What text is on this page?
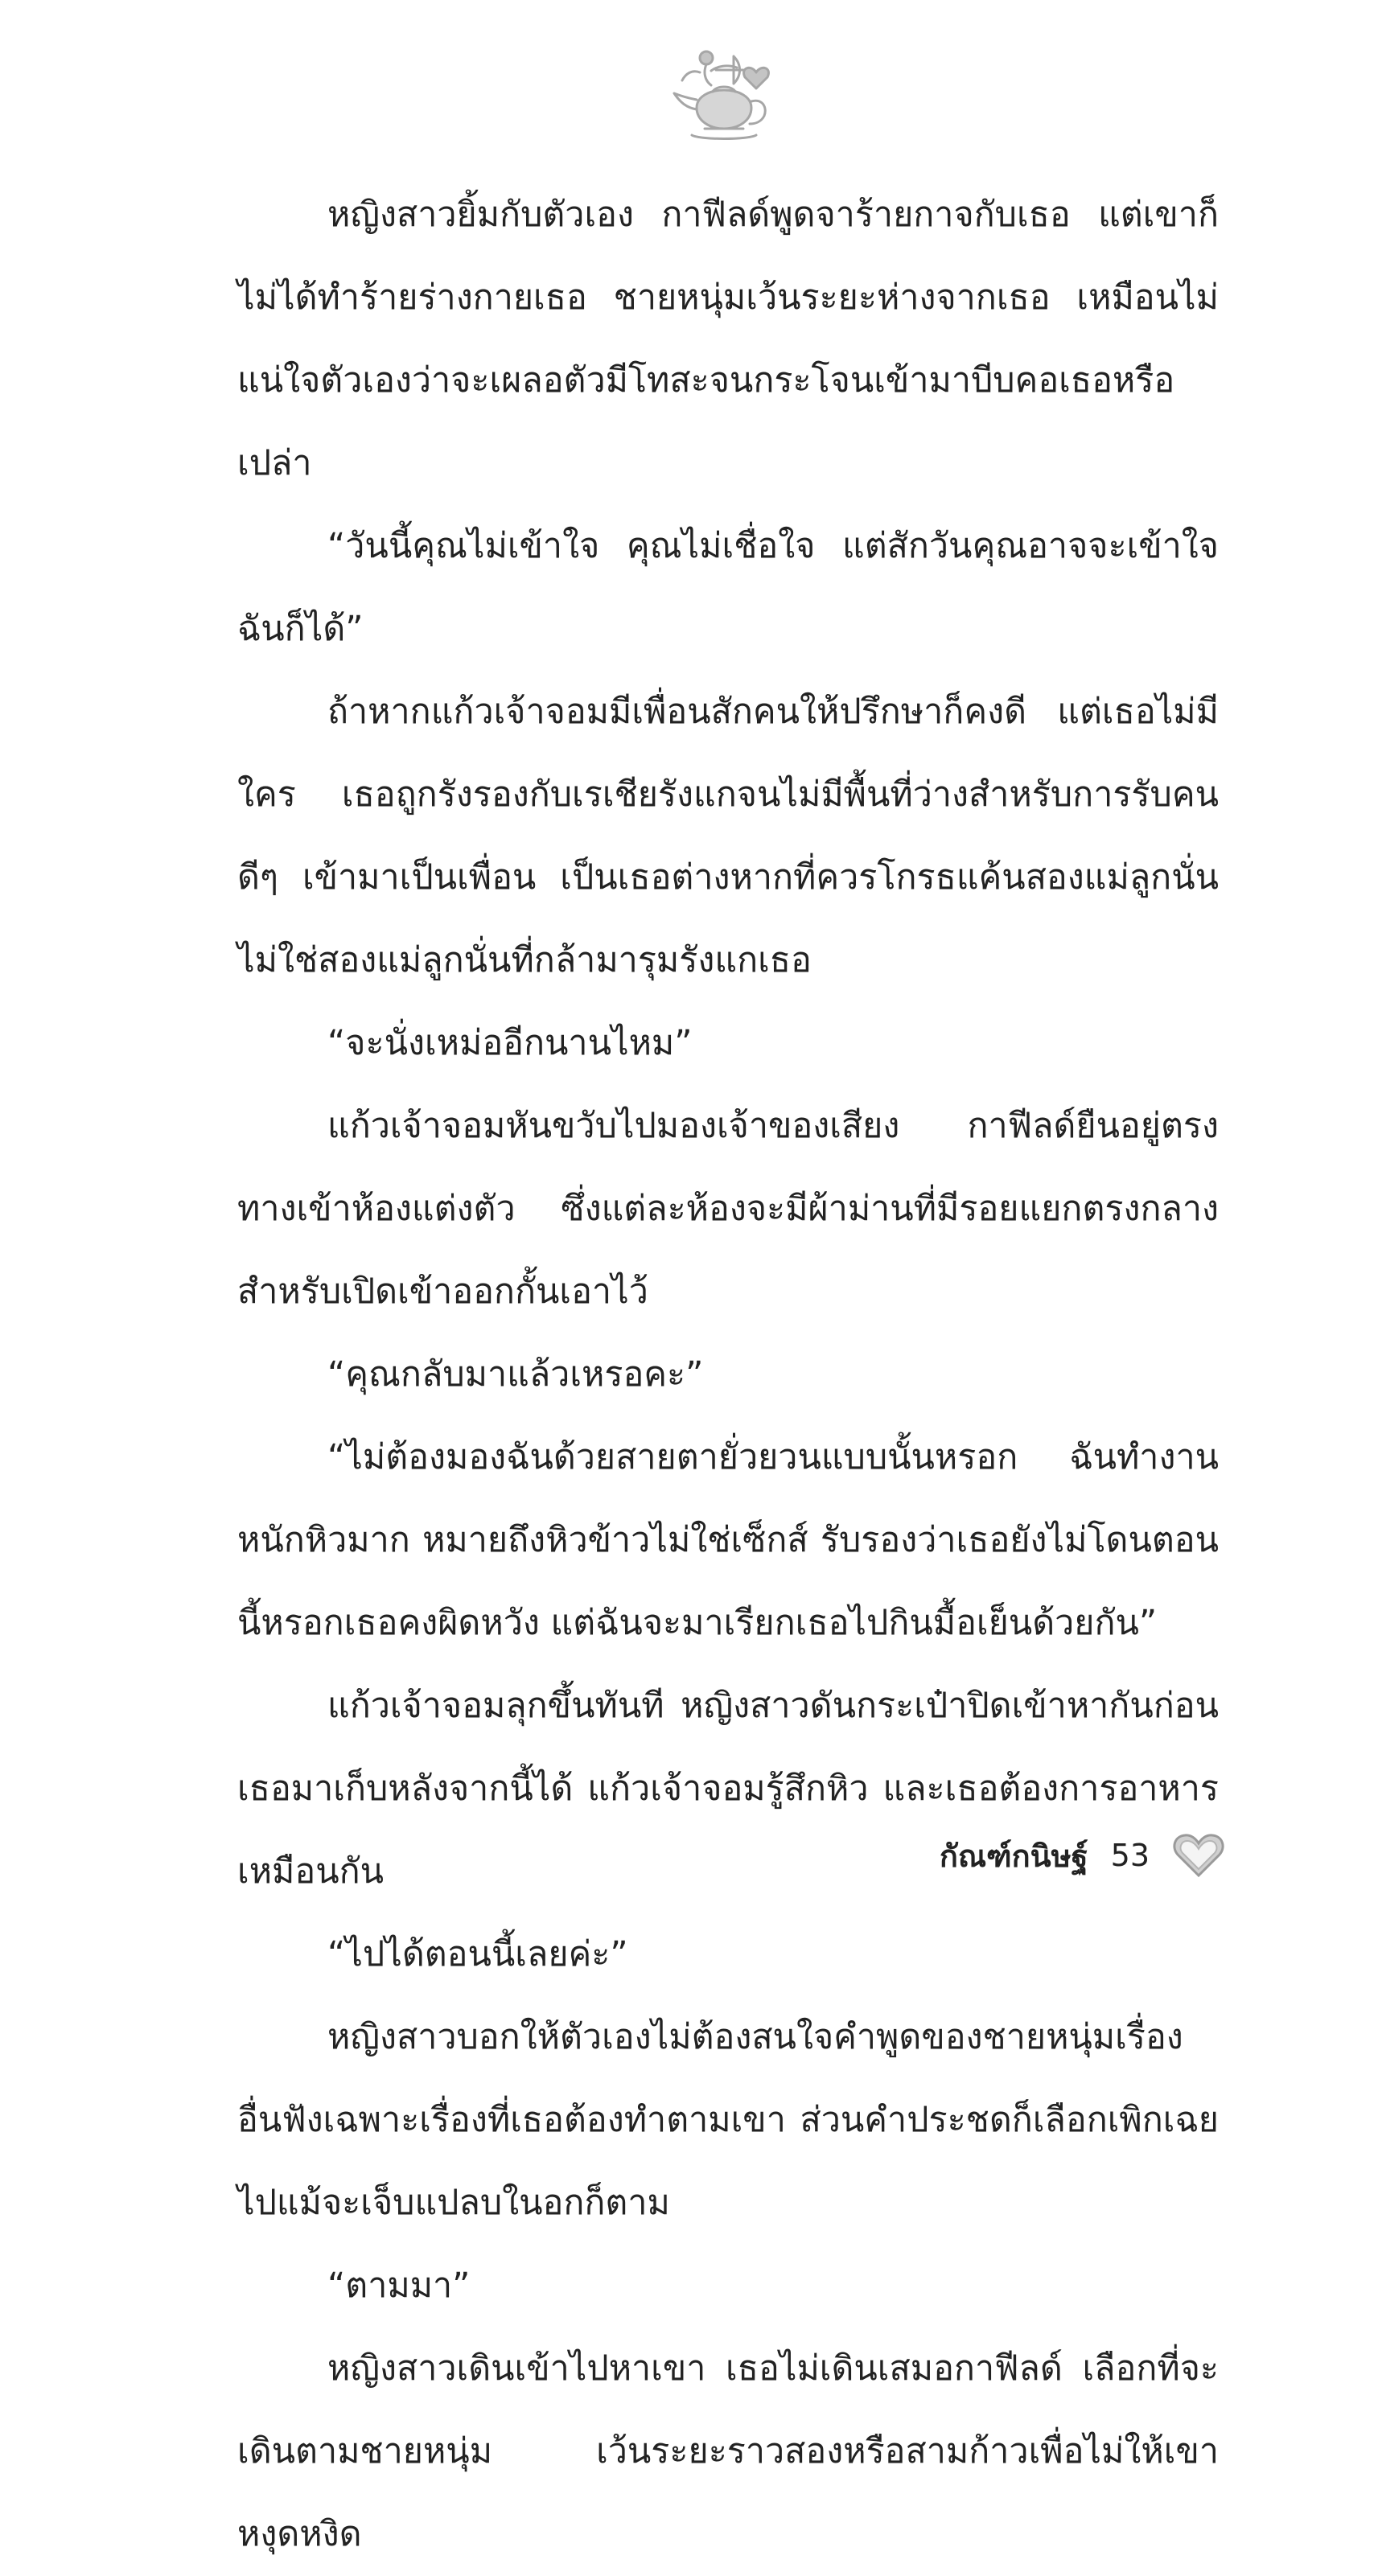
หญิงสาวยิ้มกับตัวเอง กาฟีลด์พูดจาร้ายกาจกับเธอ แต่เขาก็ไม่ได้ทำร้ายร่างกายเธอ ชายหนุ่มเว้นระยะห่างจากเธอ เหมือนไม่แน่ใจตัวเองว่าจะเผลอตัวมีโทสะจนกระโจนเข้ามาบีบคอเธอหรือเปล่า

“วันนี้คุณไม่เข้าใจ คุณไม่เชื่อใจ แต่สักวันคุณอาจจะเข้าใจฉันก็ได้”

ถ้าหากแก้วเจ้าจอมมีเพื่อนสักคนให้ปรึกษาก็คงดี แต่เธอไม่มีใคร เธอถูกรังรองกับเรเชียรังแกจนไม่มีพื้นที่ว่างสำหรับการรับคนดีๆ เข้ามาเป็นเพื่อน เป็นเธอต่างหากที่ควรโกรธแค้นสองแม่ลูกนั่นไม่ใช่สองแม่ลูกนั่นที่กล้ามารุมรังแกเธอ

“จะนั่งเหม่ออีกนานไหม”

แก้วเจ้าจอมหันขวับไปมองเจ้าของเสียง กาฟีลด์ยืนอยู่ตรงทางเข้าห้องแต่งตัว ซึ่งแต่ละห้องจะมีผ้าม่านที่มีรอยแยกตรงกลางสำหรับเปิดเข้าออกกั้นเอาไว้

“คุณกลับมาแล้วเหรอคะ”

“ไม่ต้องมองฉันด้วยสายตายั่วยวนแบบนั้นหรอก ฉันทำงานหนักหิวมาก หมายถึงหิวข้าวไม่ใช่เซ็กส์ รับรองว่าเธอยังไม่โดนตอนนี้หรอกเธอคงผิดหวัง แต่ฉันจะมาเรียกเธอไปกินมื้อเย็นด้วยกัน”

แก้วเจ้าจอมลุกขึ้นทันที หญิงสาวดันกระเป๋าปิดเข้าหากันก่อนเธอมาเก็บหลังจากนี้ได้ แก้วเจ้าจอมรู้สึกหิว และเธอต้องการอาหารเหมือนกัน

“ไปได้ตอนนี้เลยค่ะ”

หญิงสาวบอกให้ตัวเองไม่ต้องสนใจคำพูดของชายหนุ่มเรื่องอื่นฟังเฉพาะเรื่องที่เธอต้องทำตามเขา ส่วนคำประชดก็เลือกเพิกเฉยไปแม้จะเจ็บแปลบในอกก็ตาม

“ตามมา”

หญิงสาวเดินเข้าไปหาเขา เธอไม่เดินเสมอกาฟีลด์ เลือกที่จะเดินตามชายหนุ่ม เว้นระยะราวสองหรือสามก้าวเพื่อไม่ให้เขาหงุดหงิด

กัณฑ์กนิษฐ์ 53
